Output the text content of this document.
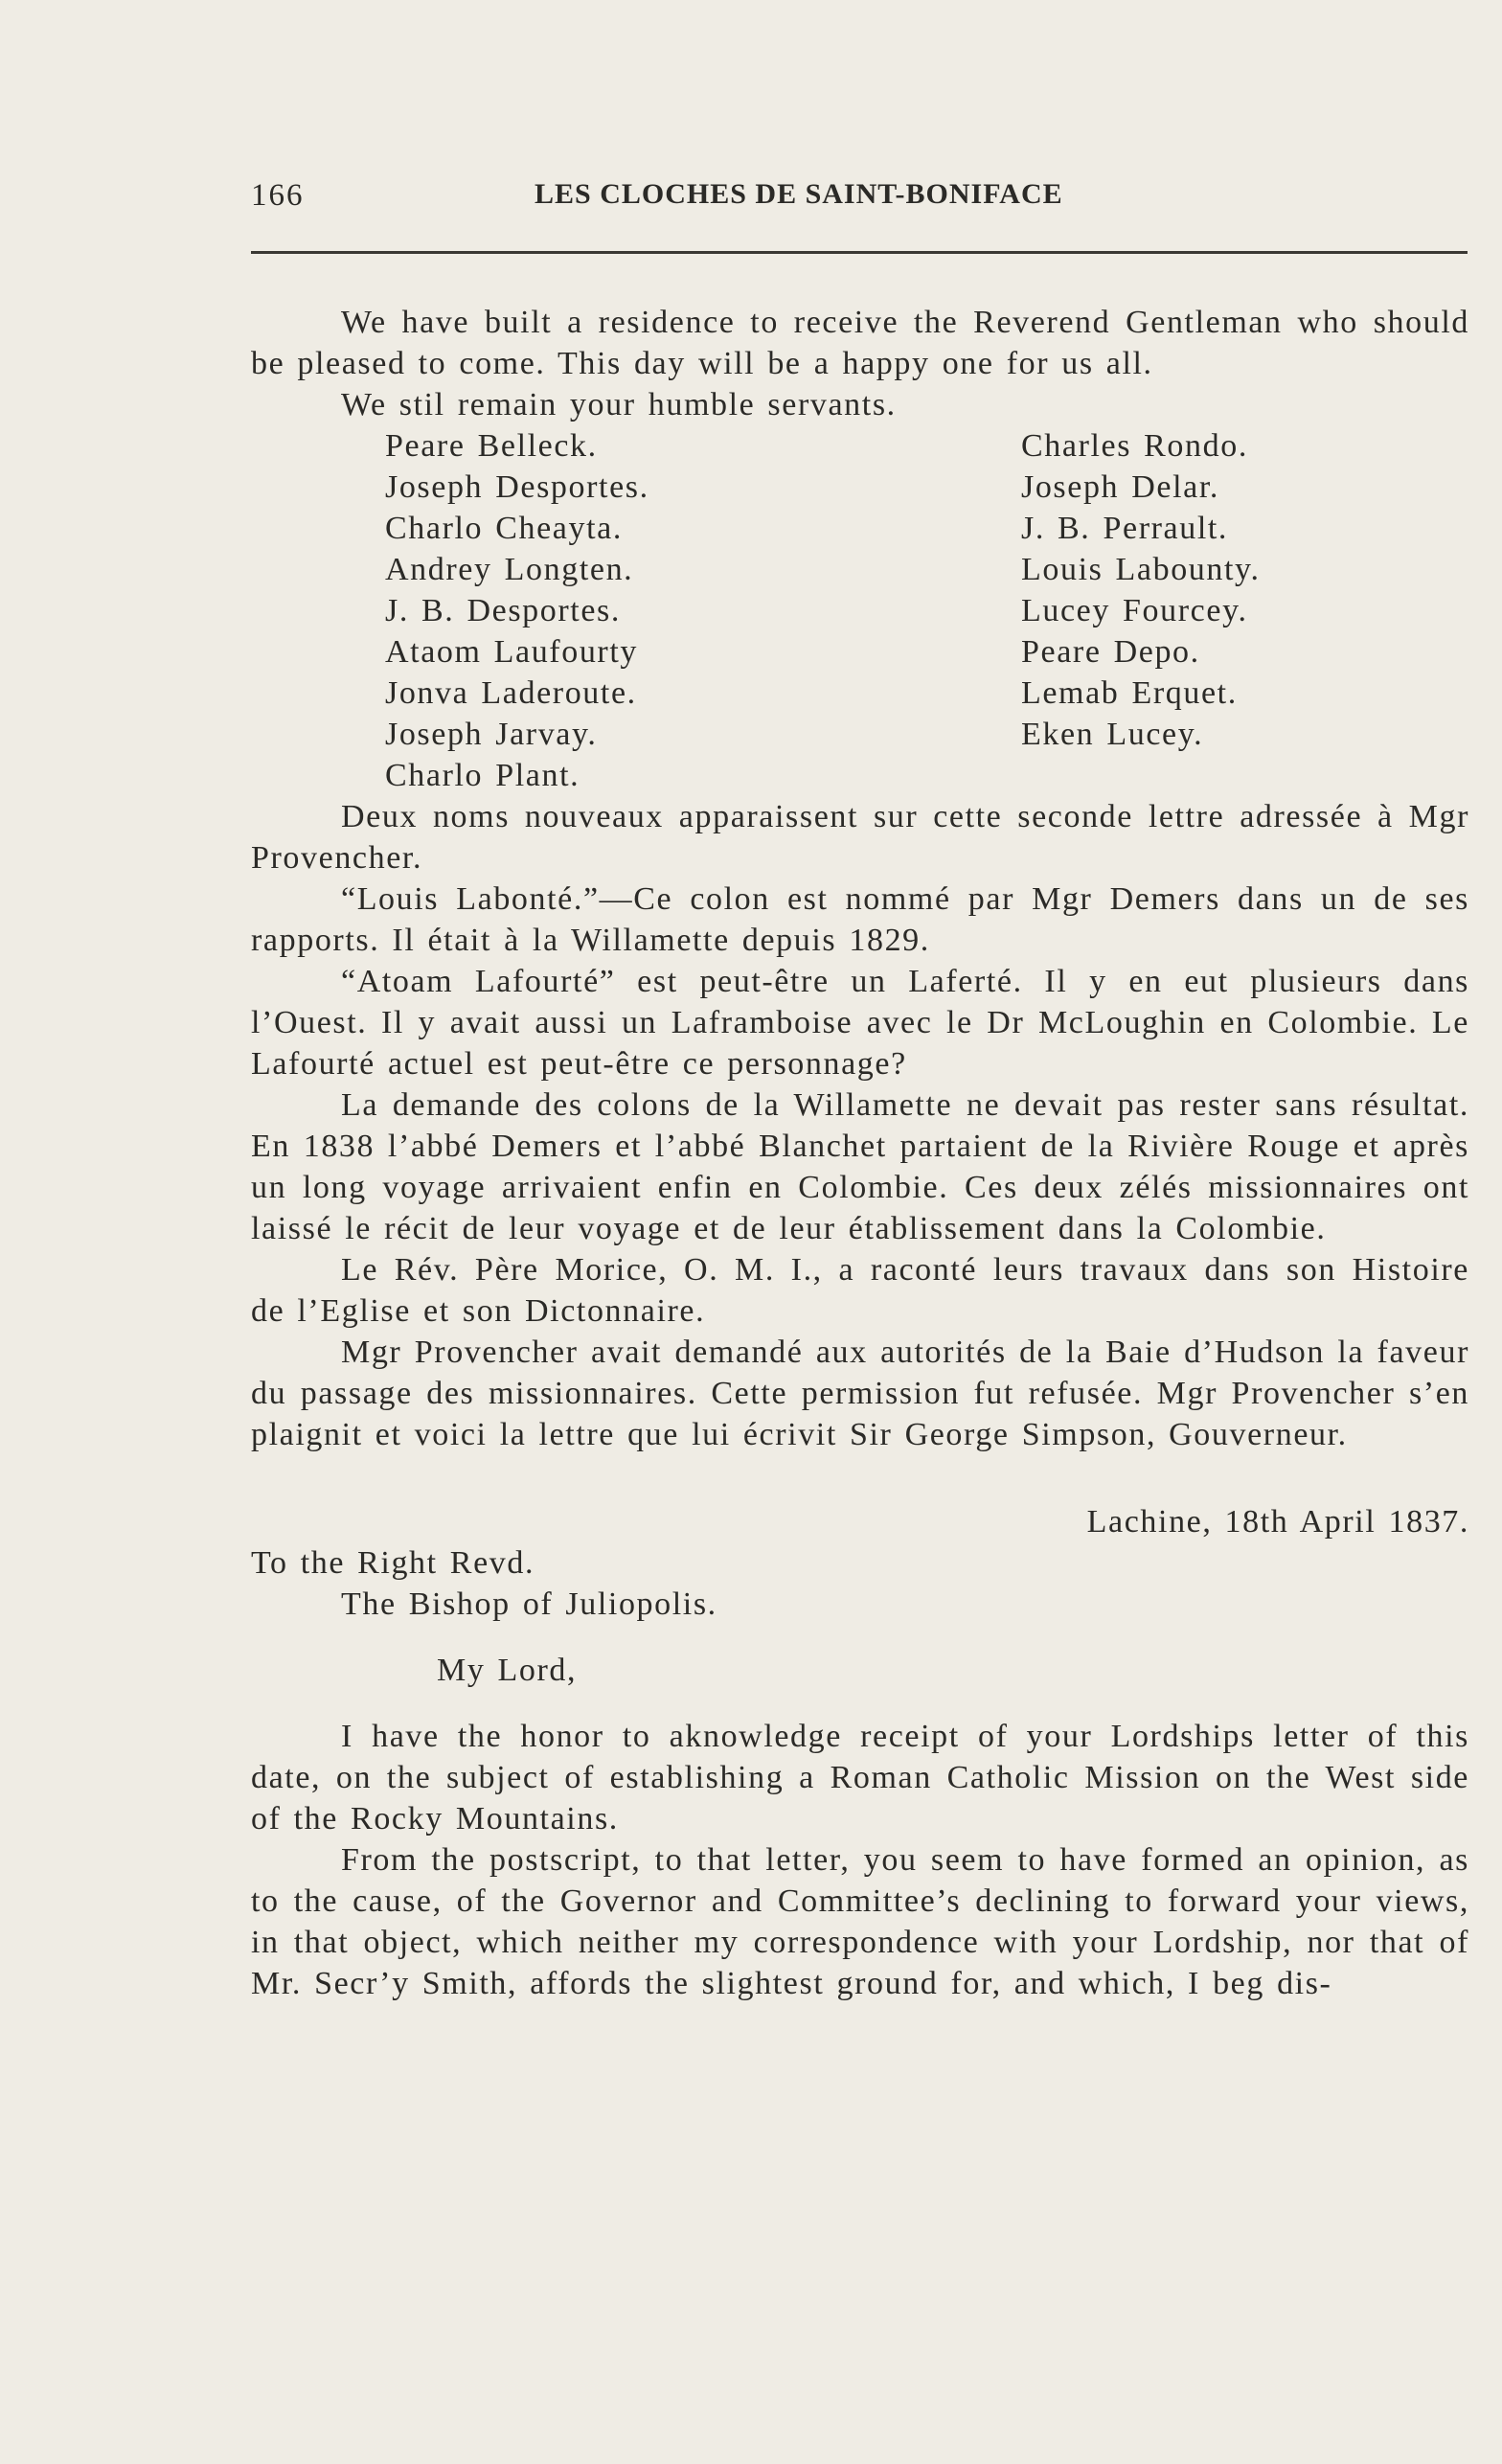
166	LES CLOCHES DE SAINT-BONIFACE

We have built a residence to receive the Reverend Gentleman who should be pleased to come. This day will be a happy one for us all.

We stil remain your humble servants.

Peare Belleck.
Joseph Desportes.
Charlo Cheayta.
Andrey Longten.
J. B. Desportes.
Ataom Laufourty
Jonva Laderoute.
Joseph Jarvay.
Charlo Plant.
Charles Rondo.
Joseph Delar.
J. B. Perrault.
Louis Labounty.
Lucey Fourcey.
Peare Depo.
Lemab Erquet.
Eken Lucey.

Deux noms nouveaux apparaissent sur cette seconde lettre adressée à Mgr Provencher.

“Louis Labonté.”—Ce colon est nommé par Mgr Demers dans un de ses rapports. Il était à la Willamette depuis 1829.

“Atoam Lafourté” est peut-être un Laferté. Il y en eut plusieurs dans l’Ouest. Il y avait aussi un Laframboise avec le Dr McLoughin en Colombie. Le Lafourté actuel est peut-être ce personnage?

La demande des colons de la Willamette ne devait pas rester sans résultat. En 1838 l’abbé Demers et l’abbé Blanchet partaient de la Rivière Rouge et après un long voyage arrivaient enfin en Colombie. Ces deux zélés missionnaires ont laissé le récit de leur voyage et de leur établissement dans la Colombie.

Le Rév. Père Morice, O. M. I., a raconté leurs travaux dans son Histoire de l’Eglise et son Dictonnaire.

Mgr Provencher avait demandé aux autorités de la Baie d’Hudson la faveur du passage des missionnaires. Cette permission fut refusée. Mgr Provencher s’en plaignit et voici la lettre que lui écrivit Sir George Simpson, Gouverneur.

Lachine, 18th April 1837.

To the Right Revd.

The Bishop of Juliopolis.

My Lord,

I have the honor to aknowledge receipt of your Lordships letter of this date, on the subject of establishing a Roman Catholic Mission on the West side of the Rocky Mountains.

From the postscript, to that letter, you seem to have formed an opinion, as to the cause, of the Governor and Committee’s declining to forward your views, in that object, which neither my correspondence with your Lordship, nor that of Mr. Secr’y Smith, affords the slightest ground for, and which, I beg dis-
